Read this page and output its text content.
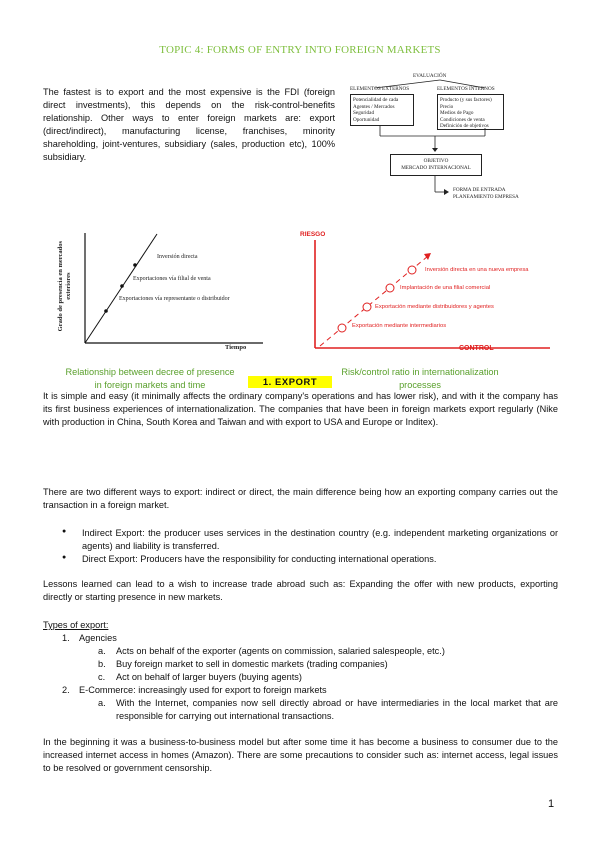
TOPIC 4: FORMS OF ENTRY INTO FOREIGN MARKETS
The fastest is to export and the most expensive is the FDI (foreign direct investments), this depends on the risk-control-benefits relationship. Other ways to enter foreign markets are: export (direct/indirect), manufacturing license, franchises, minority shareholding, joint-ventures, subsidiary (sales, production etc), 100% subsidiary.
EVALUACIÓN
ELEMENTOS EXTERNOS
Potencialidad de cada
Agentes / Mercados
Seguridad
Oportunidad
ELEMENTOS INTERNOS
Producto (y sus factores)
Precio
Medios de Pago
Condiciones de venta
Definición de objetivos
OBJETIVO
MERCADO INTERNACIONAL
FORMA DE ENTRADA
PLANEAMIENTO EMPRESA
Grado de presencia en mercados exteriores
Tiempo
Inversión directa
Exportaciones vía filial de venta
Exportaciones vía representante o distribuidor
Relationship between decree of presence
in foreign markets and time
RIESGO
CONTROL
Inversión directa en una nueva empresa
Implantación de una filial comercial
Exportación mediante distribuidores y agentes
Exportación mediante intermediarios
Risk/control ratio in internationalization
processes
1. EXPORT
It is simple and easy (it minimally affects the ordinary company's operations and has lower risk), and with it the company has its first business experiences of internationalization. The companies that have been in foreign markets export regularly (Nike with production in China, South Korea and Taiwan and with export to USA and Europe or Inditex).
There are two different ways to export: indirect or direct, the main difference being how an exporting company carries out the transaction in a foreign market.
● Indirect Export: the producer uses services in the destination country (e.g. independent marketing organizations or agents) and liability is transferred.
● Direct Export: Producers have the responsibility for conducting international operations.
Lessons learned can lead to a wish to increase trade abroad such as: Expanding the offer with new products, exporting directly or starting presence in new markets.
Types of export:
1. Agencies
a. Acts on behalf of the exporter (agents on commission, salaried salespeople, etc.)
b. Buy foreign market to sell in domestic markets (trading companies)
c. Act on behalf of larger buyers (buying agents)
2. E-Commerce: increasingly used for export to foreign markets
a. With the Internet, companies now sell directly abroad or have intermediaries in the local market that are responsible for carrying out international transactions.
In the beginning it was a business-to-business model but after some time it has become a business to consumer due to the increased internet access in homes (Amazon). There are some precautions to consider such as: internet access, legal issues to be resolved or government censorship.
1
